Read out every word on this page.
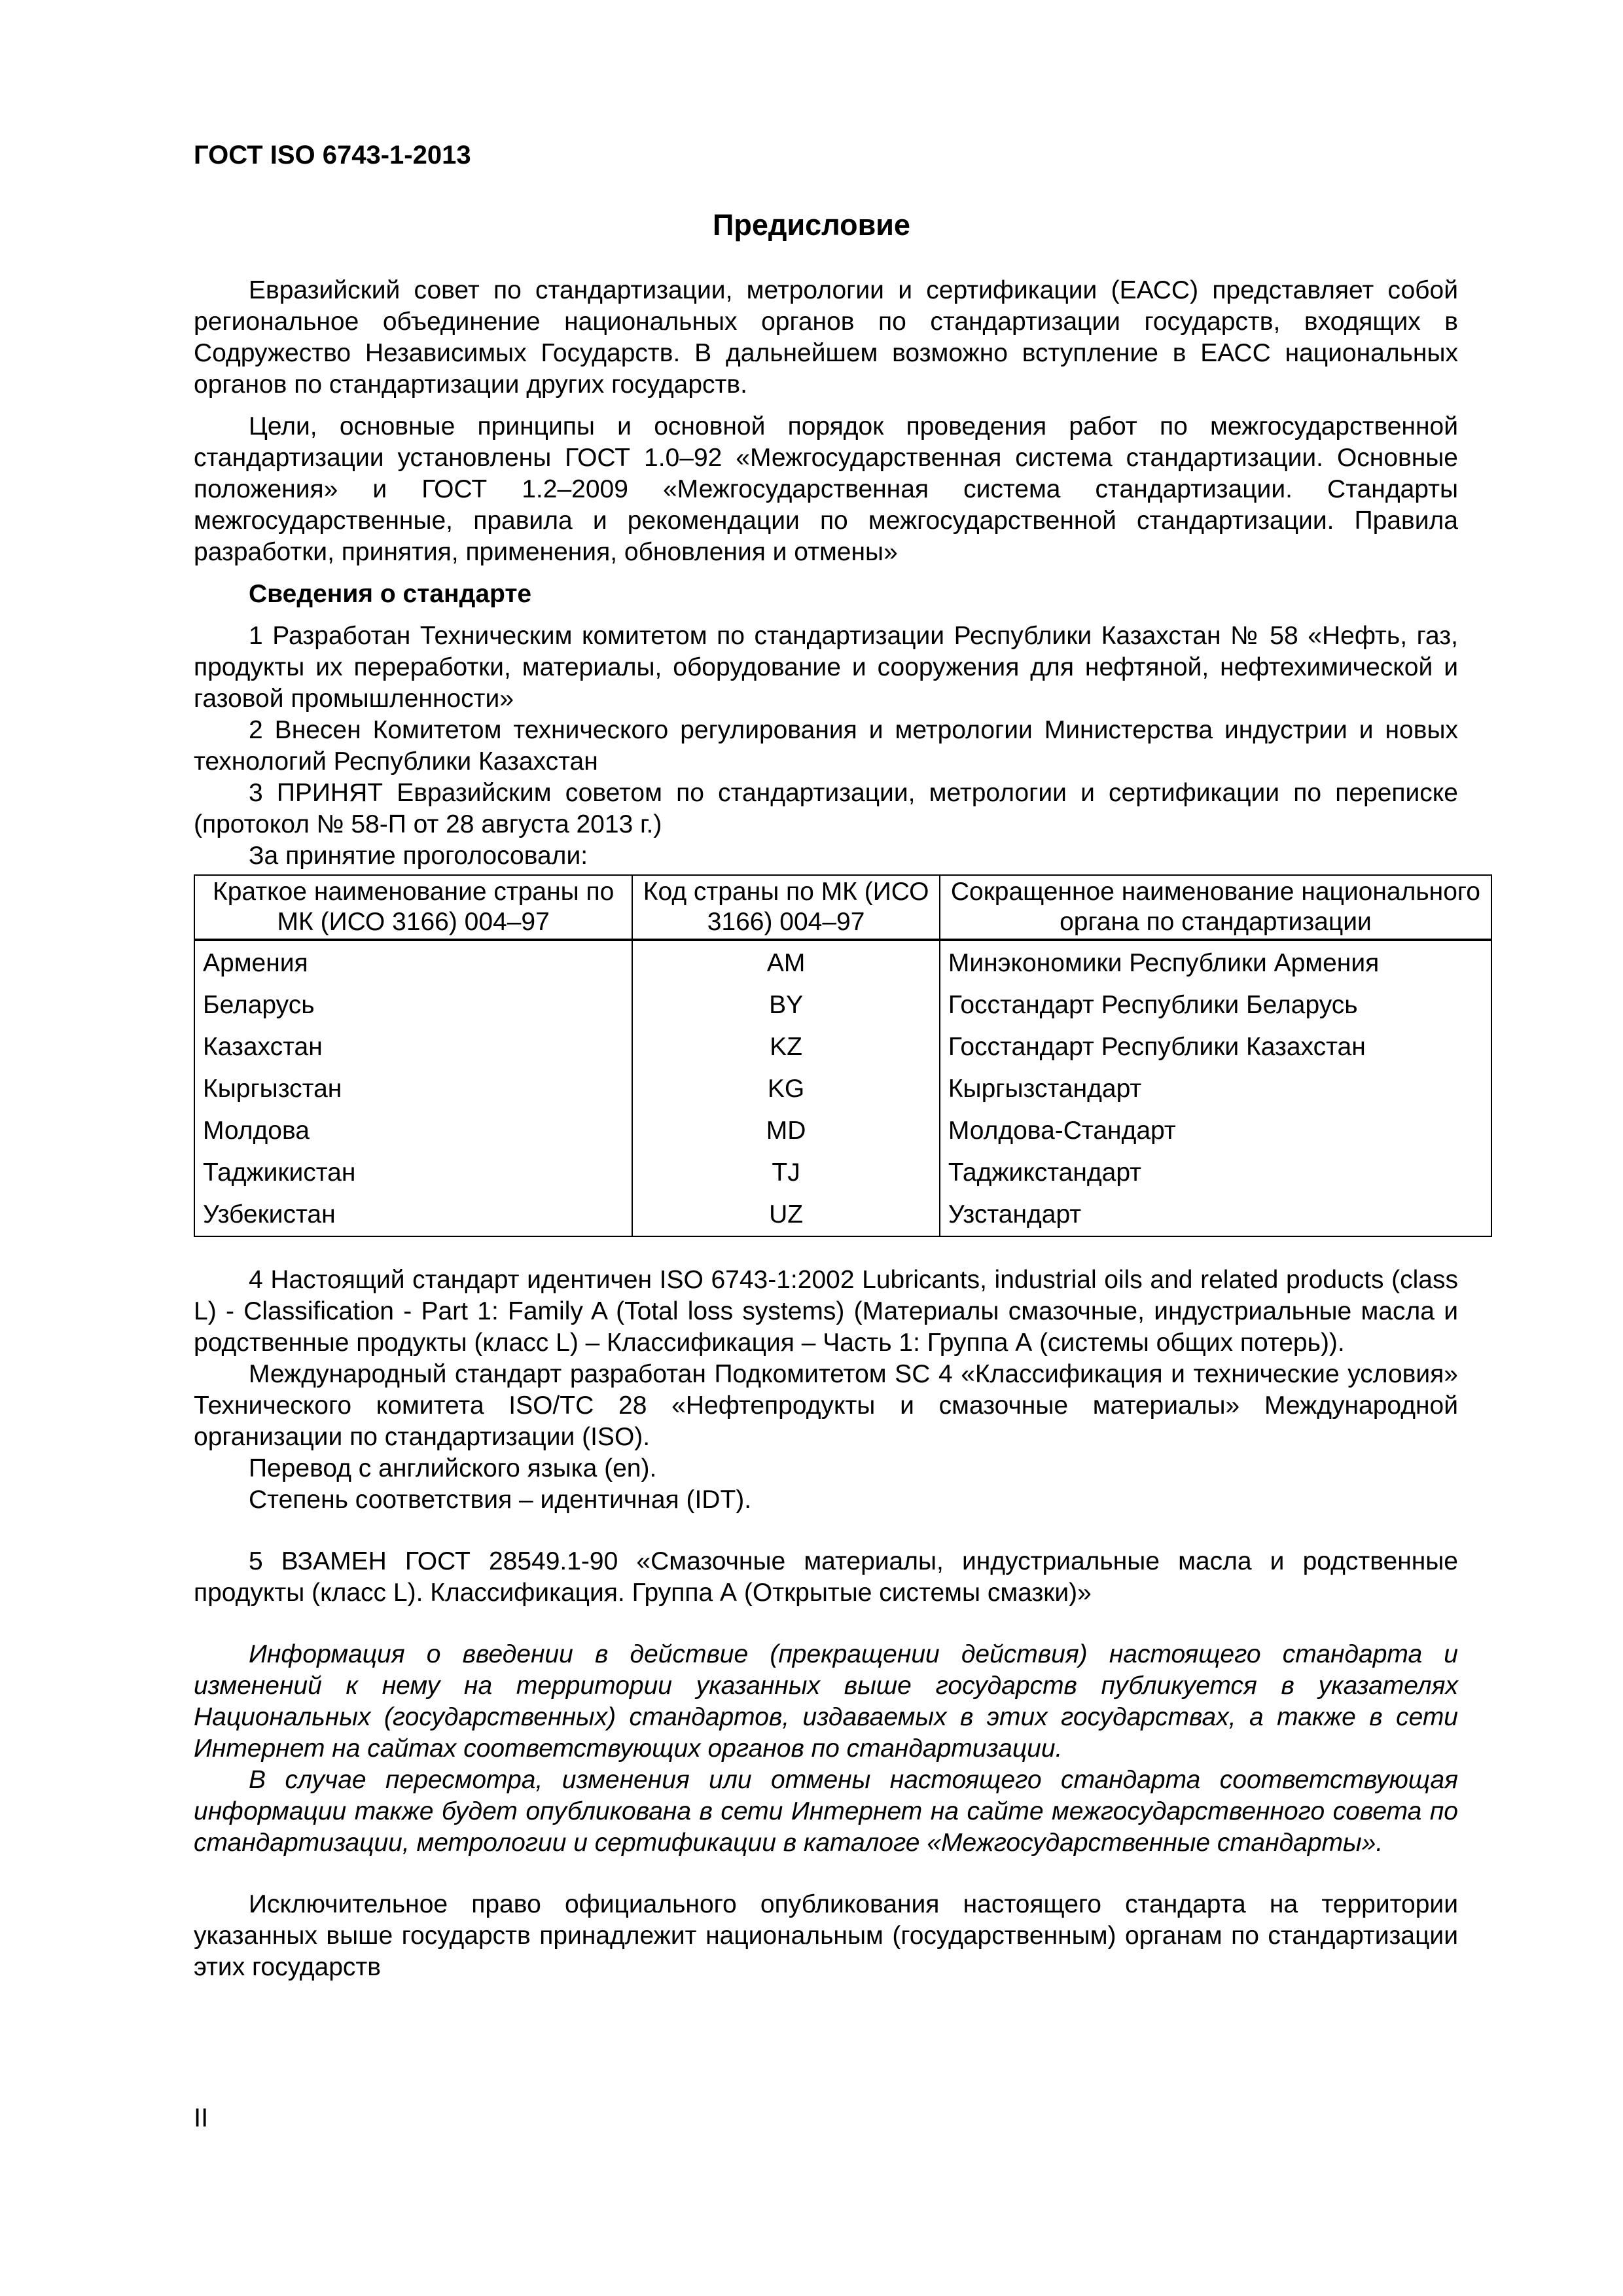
ГОСТ ISO 6743-1-2013
Предисловие

Евразийский совет по стандартизации, метрологии и сертификации (ЕАСС) представляет собой региональное объединение национальных органов по стандартизации государств, входящих в Содружество Независимых Государств. В дальнейшем возможно вступление в ЕАСС национальных органов по стандартизации других государств.

Цели, основные принципы и основной порядок проведения работ по межгосударственной стандартизации установлены ГОСТ 1.0–92 «Межгосударственная система стандартизации. Основные положения» и ГОСТ 1.2–2009 «Межгосударственная система стандартизации. Стандарты межгосударственные, правила и рекомендации по межгосударственной стандартизации. Правила разработки, принятия, применения, обновления и отмены»

Сведения о стандарте

1 Разработан Техническим комитетом по стандартизации Республики Казахстан № 58 «Нефть, газ, продукты их переработки, материалы, оборудование и сооружения для нефтяной, нефтехимической и газовой промышленности»

2 Внесен Комитетом технического регулирования и метрологии Министерства индустрии и новых технологий Республики Казахстан

3 ПРИНЯТ Евразийским советом по стандартизации, метрологии и сертификации по переписке (протокол № 58-П от 28 августа 2013 г.)

За принятие проголосовали:

Краткое наименование страны по МК (ИСО 3166) 004–97	Код страны по МК (ИСО 3166) 004–97	Сокращенное наименование национального органа по стандартизации
Армения	AM	Минэкономики Республики Армения
Беларусь	BY	Госстандарт Республики Беларусь
Казахстан	KZ	Госстандарт Республики Казахстан
Кыргызстан	KG	Кыргызстандарт
Молдова	MD	Молдова-Стандарт
Таджикистан	TJ	Таджикстандарт
Узбекистан	UZ	Узстандарт

4 Настоящий стандарт идентичен ISO 6743-1:2002 Lubricants, industrial oils and related products (class L) - Classification - Part 1: Family A (Total loss systems) (Материалы смазочные, индустриальные масла и родственные продукты (класс L) – Классификация – Часть 1: Группа А (системы общих потерь)).

Международный стандарт разработан Подкомитетом SC 4 «Классификация и технические условия» Технического комитета ISO/TC 28 «Нефтепродукты и смазочные материалы» Международной организации по стандартизации (ISO).

Перевод с английского языка (en).

Степень соответствия – идентичная (IDT).

5 ВЗАМЕН ГОСТ 28549.1-90 «Смазочные материалы, индустриальные масла и родственные продукты (класс L). Классификация. Группа А (Открытые системы смазки)»

Информация о введении в действие (прекращении действия) настоящего стандарта и изменений к нему на территории указанных выше государств публикуется в указателях Национальных (государственных) стандартов, издаваемых в этих государствах, а также в сети Интернет на сайтах соответствующих органов по стандартизации.

В случае пересмотра, изменения или отмены настоящего стандарта соответствующая информации также будет опубликована в сети Интернет на сайте межгосударственного совета по стандартизации, метрологии и сертификации в каталоге «Межгосударственные стандарты».

Исключительное право официального опубликования настоящего стандарта на территории указанных выше государств принадлежит национальным (государственным) органам по стандартизации этих государств

II
